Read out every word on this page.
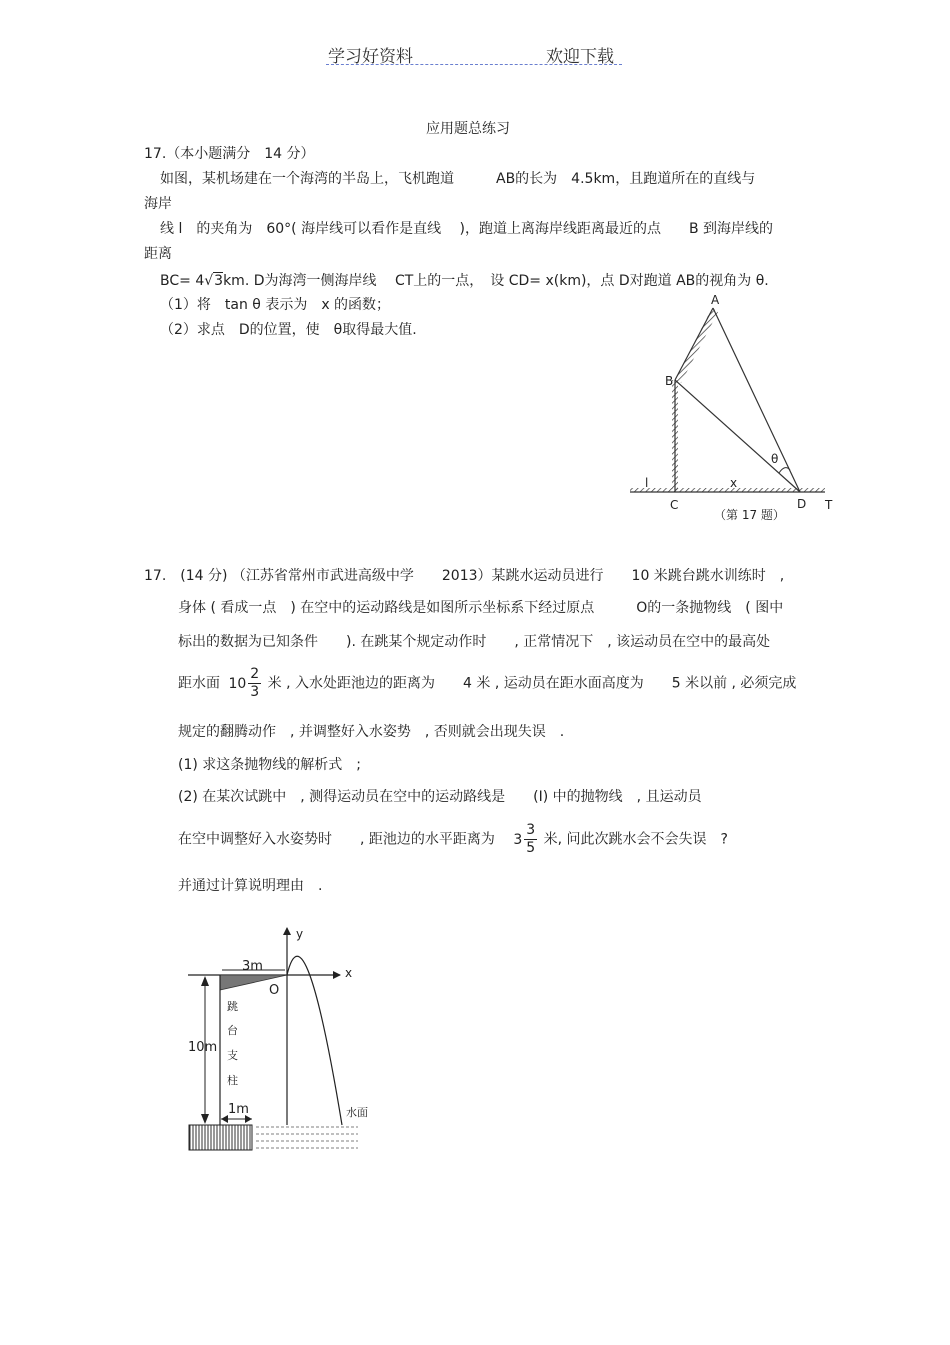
学习好资料	欢迎下载
应用题总练习
17.（本小题满分　14 分）
如图，某机场建在一个海湾的半岛上，飞机跑道　　　AB的长为　4.5km，且跑道所在的直线与
海岸
线 l　的夹角为　60°( 海岸线可以看作是直线　 )，跑道上离海岸线距离最近的点　　B 到海岸线的
距离
BC= 4√3km. D为海湾一侧海岸线　 CT上的一点，　设 CD= x(km)，点 D对跑道 AB的视角为 θ.
（1）将　tan θ 表示为　x 的函数；
（2）求点　D的位置，使　θ取得最大值.
A
B
C	D T
l	x
θ
（第 17 题）
17.　(14 分) （江苏省常州市武进高级中学　　2013）某跳水运动员进行　　10 米跳台跳水训练时　,
身体 ( 看成一点　) 在空中的运动路线是如图所示坐标系下经过原点　　　O的一条抛物线　( 图中
标出的数据为已知条件　　). 在跳某个规定动作时　　, 正常情况下　, 该运动员在空中的最高处
距水面 $10 \frac{2}{3}$ 米 , 入水处距池边的距离为　　4 米 , 运动员在距水面高度为　　5 米以前 , 必须完成
规定的翻腾动作　, 并调整好入水姿势　, 否则就会出现失误　.
(1) 求这条抛物线的解析式　;
(2) 在某次试跳中　, 测得运动员在空中的运动路线是　　(Ⅰ) 中的抛物线　, 且运动员
在空中调整好入水姿势时　　, 距池边的水平距离为 $3 \frac{3}{5}$ 米, 问此次跳水会不会失误　?
并通过计算说明理由　.
y
x
O
3m
10m
1m	水面
跳
台
支
柱
